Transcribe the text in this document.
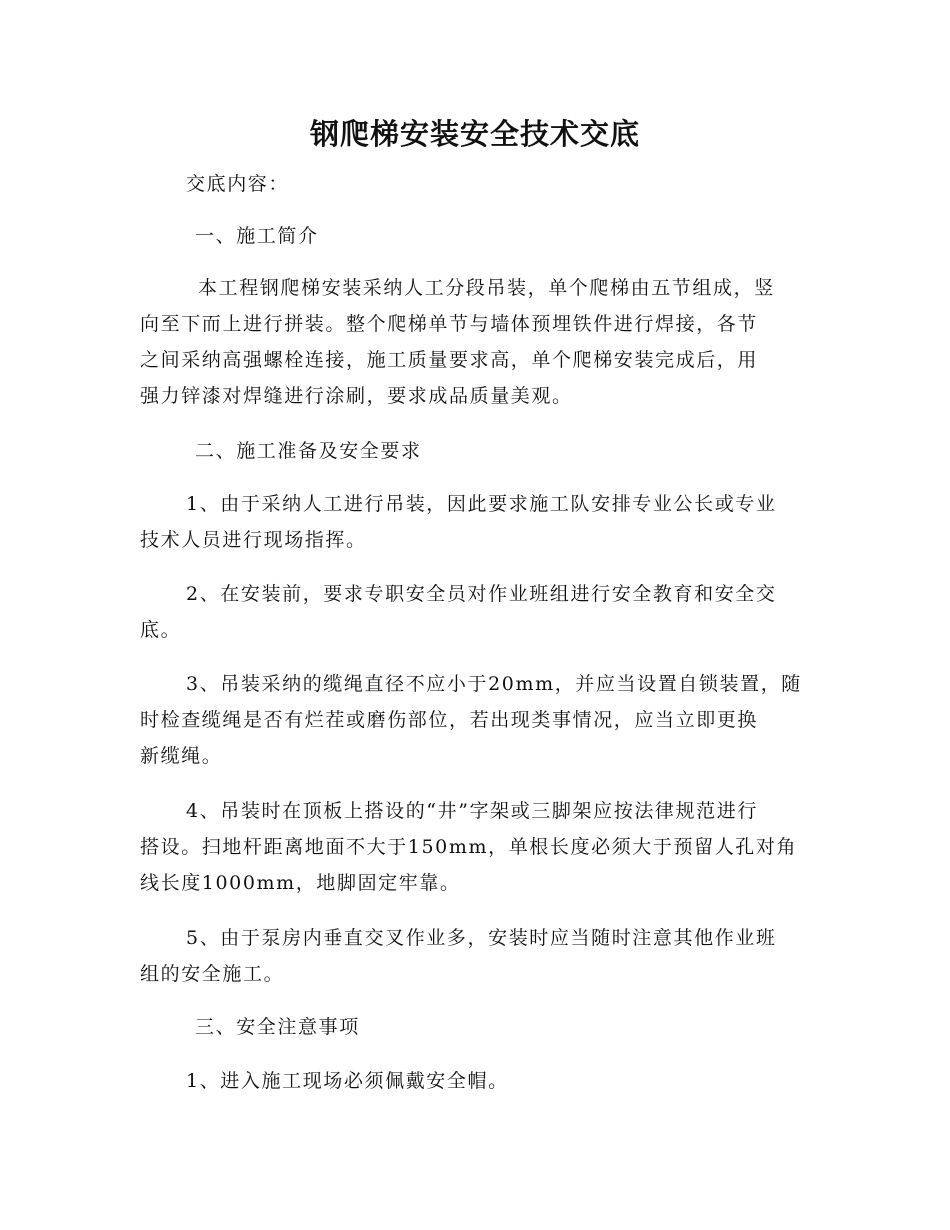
钢爬梯安装安全技术交底
交底内容：
一、施工简介
本工程钢爬梯安装采纳人工分段吊装，单个爬梯由五节组成，竖
向至下而上进行拼装。整个爬梯单节与墙体预埋铁件进行焊接，各节
之间采纳高强螺栓连接，施工质量要求高，单个爬梯安装完成后，用
强力锌漆对焊缝进行涂刷，要求成品质量美观。
二、施工准备及安全要求
1、由于采纳人工进行吊装，因此要求施工队安排专业公长或专业
技术人员进行现场指挥。
2、在安装前，要求专职安全员对作业班组进行安全教育和安全交
底。
3、吊装采纳的缆绳直径不应小于20mm，并应当设置自锁装置，随
时检查缆绳是否有烂茬或磨伤部位，若出现类事情况，应当立即更换
新缆绳。
4、吊装时在顶板上搭设的“井”字架或三脚架应按法律规范进行
搭设。扫地杆距离地面不大于150mm，单根长度必须大于预留人孔对角
线长度1000mm，地脚固定牢靠。
5、由于泵房内垂直交叉作业多，安装时应当随时注意其他作业班
组的安全施工。
三、安全注意事项
1、进入施工现场必须佩戴安全帽。
